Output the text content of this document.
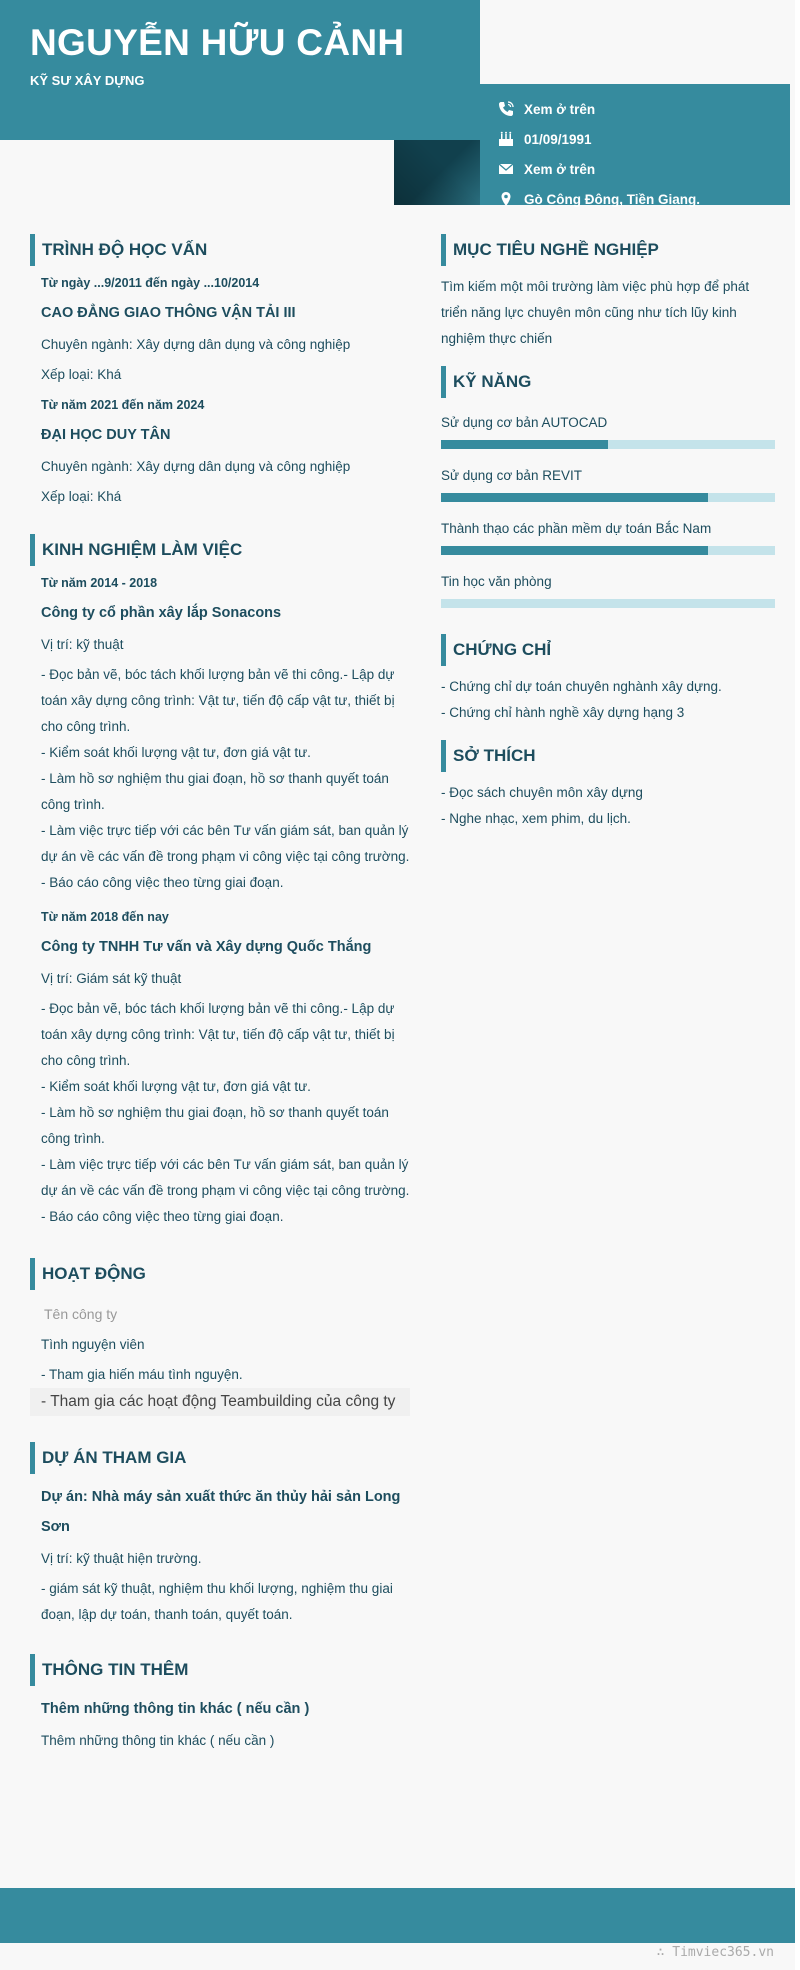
NGUYỄN HỮU CẢNH
KỸ SƯ XÂY DỰNG
Xem ở trên
01/09/1991
Xem ở trên
Gò Công Đông, Tiền Giang.
TRÌNH ĐỘ HỌC VẤN
Từ ngày ...9/2011 đến ngày ...10/2014
CAO ĐẲNG GIAO THÔNG VẬN TẢI III
Chuyên ngành: Xây dựng dân dụng và công nghiệp
Xếp loại: Khá
Từ năm 2021 đến năm 2024
ĐẠI HỌC DUY TÂN
Chuyên ngành: Xây dựng dân dụng và công nghiệp
Xếp loại: Khá
KINH NGHIỆM LÀM VIỆC
Từ năm 2014 - 2018
Công ty cổ phần xây lắp Sonacons
Vị trí: kỹ thuật
- Đọc bản vẽ, bóc tách khối lượng bản vẽ thi công.- Lập dự toán xây dựng công trình: Vật tư, tiến độ cấp vật tư, thiết bị cho công trình.
- Kiểm soát khối lượng vật tư, đơn giá vật tư.
- Làm hồ sơ nghiệm thu giai đoạn, hồ sơ thanh quyết toán công trình.
- Làm việc trực tiếp với các bên Tư vấn giám sát, ban quản lý dự án về các vấn đề trong phạm vi công việc tại công trường.
- Báo cáo công việc theo từng giai đoạn.
Từ năm 2018 đến nay
Công ty TNHH Tư vấn và Xây dựng Quốc Thắng
Vị trí: Giám sát kỹ thuật
- Đọc bản vẽ, bóc tách khối lượng bản vẽ thi công.- Lập dự toán xây dựng công trình: Vật tư, tiến độ cấp vật tư, thiết bị cho công trình.
- Kiểm soát khối lượng vật tư, đơn giá vật tư.
- Làm hồ sơ nghiệm thu giai đoạn, hồ sơ thanh quyết toán công trình.
- Làm việc trực tiếp với các bên Tư vấn giám sát, ban quản lý dự án về các vấn đề trong phạm vi công việc tại công trường.
- Báo cáo công việc theo từng giai đoạn.
HOẠT ĐỘNG
Tên công ty
Tình nguyện viên
- Tham gia hiến máu tình nguyện.
- Tham gia các hoạt động Teambuilding của công ty
DỰ ÁN THAM GIA
Dự án: Nhà máy sản xuất thức ăn thủy hải sản Long Sơn
Vị trí: kỹ thuật hiện trường.
- giám sát kỹ thuật, nghiệm thu khối lượng, nghiệm thu giai đoạn, lập dự toán, thanh toán, quyết toán.
THÔNG TIN THÊM
Thêm những thông tin khác ( nếu cần )
Thêm những thông tin khác ( nếu cần )
MỤC TIÊU NGHỀ NGHIỆP
Tìm kiếm một môi trường làm việc phù hợp để phát triển năng lực chuyên môn cũng như tích lũy kinh nghiệm thực chiến
KỸ NĂNG
Sử dụng cơ bản AUTOCAD
Sử dụng cơ bản REVIT
Thành thạo các phần mềm dự toán Bắc Nam
Tin học văn phòng
CHỨNG CHỈ
- Chứng chỉ dự toán chuyên nghành xây dựng.
- Chứng chỉ hành nghề xây dựng hạng 3
SỞ THÍCH
- Đọc sách chuyên môn xây dựng
- Nghe nhạc, xem phim, du lịch.
∴ Timviec365.vn
